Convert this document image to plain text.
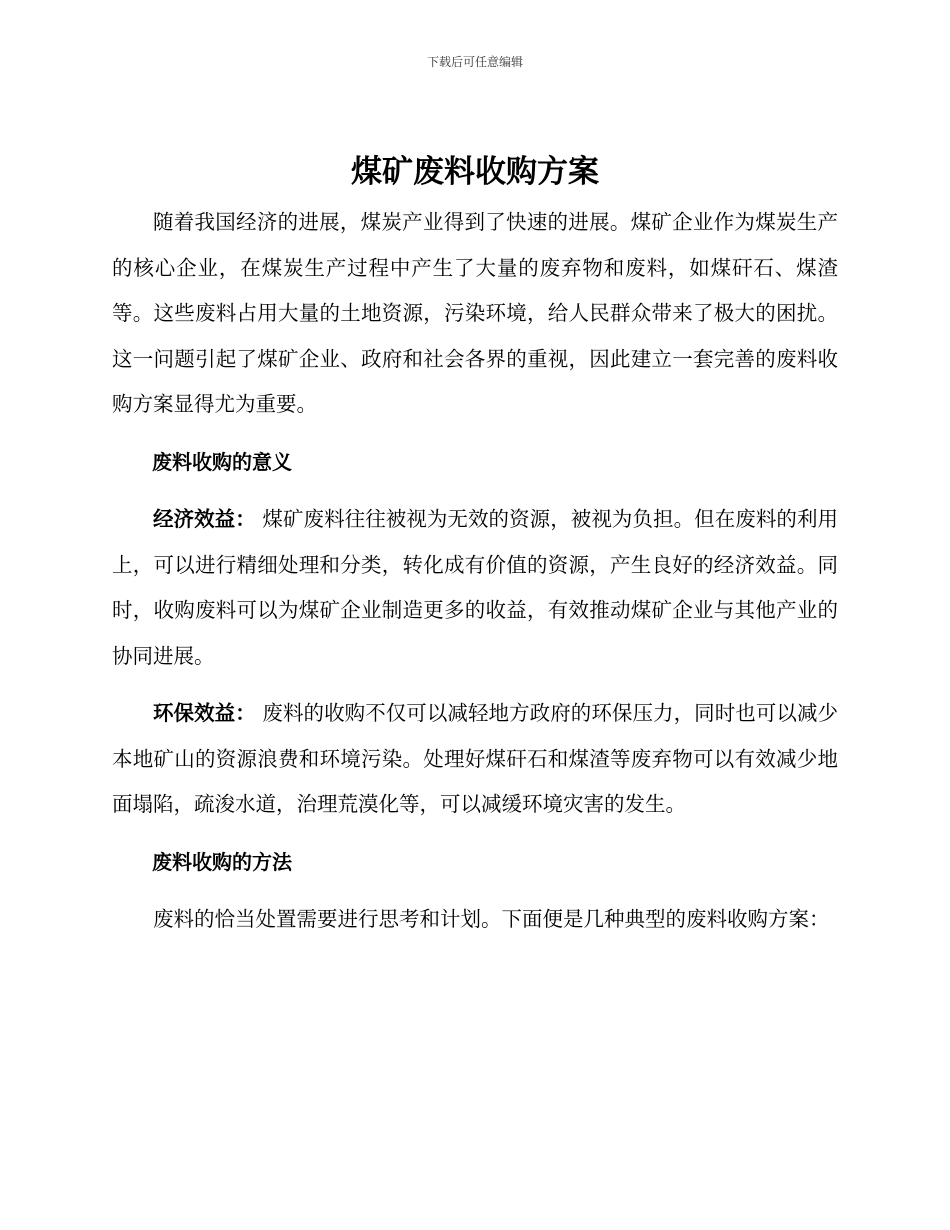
下载后可任意编辑
煤矿废料收购方案

随着我国经济的进展，煤炭产业得到了快速的进展。煤矿企业作为煤炭生产的核心企业，在煤炭生产过程中产生了大量的废弃物和废料，如煤矸石、煤渣等。这些废料占用大量的土地资源，污染环境，给人民群众带来了极大的困扰。这一问题引起了煤矿企业、政府和社会各界的重视，因此建立一套完善的废料收购方案显得尤为重要。

废料收购的意义

经济效益： 煤矿废料往往被视为无效的资源，被视为负担。但在废料的利用上，可以进行精细处理和分类，转化成有价值的资源，产生良好的经济效益。同时，收购废料可以为煤矿企业制造更多的收益，有效推动煤矿企业与其他产业的协同进展。

环保效益： 废料的收购不仅可以减轻地方政府的环保压力，同时也可以减少本地矿山的资源浪费和环境污染。处理好煤矸石和煤渣等废弃物可以有效减少地面塌陷，疏浚水道，治理荒漠化等，可以减缓环境灾害的发生。

废料收购的方法

废料的恰当处置需要进行思考和计划。下面便是几种典型的废料收购方案：
